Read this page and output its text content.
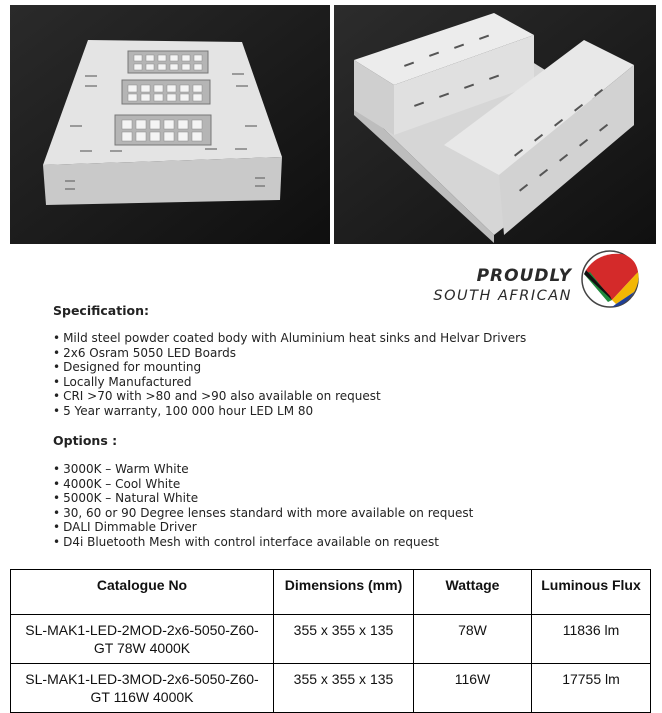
PROUDLY
SOUTH AFRICAN
Specification:
• Mild steel powder coated body with Aluminium heat sinks and Helvar Drivers
• 2x6 Osram 5050 LED Boards
• Designed for mounting
• Locally Manufactured
• CRI >70 with >80 and >90 also available on request
• 5 Year warranty, 100 000 hour LED LM 80
Options :
• 3000K – Warm White
• 4000K – Cool White
• 5000K – Natural White
• 30, 60 or 90 Degree lenses standard with more available on request
• DALI Dimmable Driver
• D4i Bluetooth Mesh with control interface available on request
Catalogue No	Dimensions (mm)	Wattage	Luminous Flux
SL-MAK1-LED-2MOD-2x6-5050-Z60-GT 78W 4000K	355 x 355 x 135	78W	11836 lm
SL-MAK1-LED-3MOD-2x6-5050-Z60-GT 116W 4000K	355 x 355 x 135	116W	17755 lm
